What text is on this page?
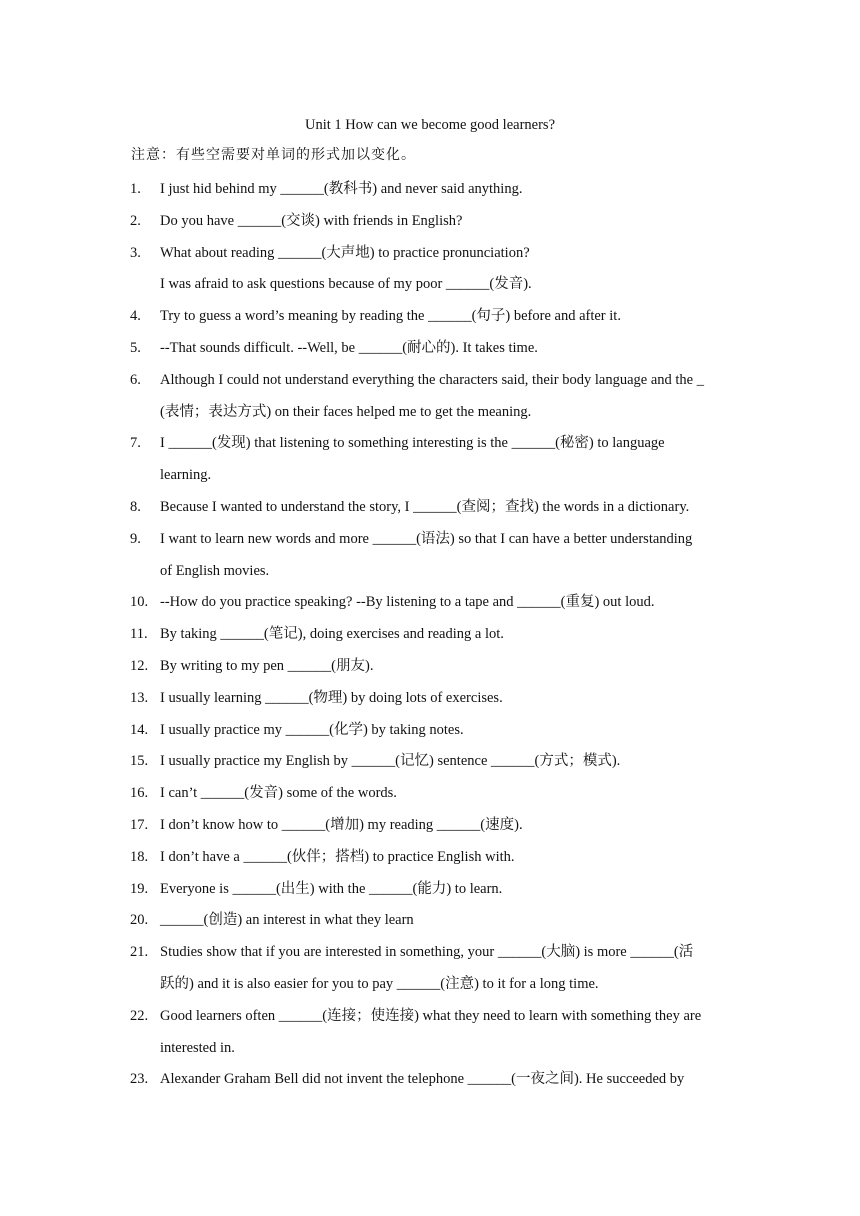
Unit 1 How can we become good learners?
注意：有些空需要对单词的形式加以变化。
1.	I just hid behind my ______(教科书) and never said anything.
2.	Do you have ______(交谈) with friends in English?
3.	What about reading ______(大声地) to practice pronunciation?
I was afraid to ask questions because of my poor ______(发音).
4.	Try to guess a word’s meaning by reading the ______(句子) before and after it.
5.	--That sounds difficult. --Well, be ______(耐心的). It takes time.
6.	Although I could not understand everything the characters said, their body language and the _
(表情；表达方式) on their faces helped me to get the meaning.
7.	I ______(发现) that listening to something interesting is the ______(秘密) to language
learning.
8.	Because I wanted to understand the story, I ______(查阅；查找) the words in a dictionary.
9.	I want to learn new words and more ______(语法) so that I can have a better understanding
of English movies.
10. --How do you practice speaking? --By listening to a tape and ______(重复) out loud.
11. By taking ______(笔记), doing exercises and reading a lot.
12. By writing to my pen ______(朋友).
13. I usually learning ______(物理) by doing lots of exercises.
14. I usually practice my ______(化学) by taking notes.
15. I usually practice my English by ______(记忆) sentence ______(方式；模式).
16. I can’t ______(发音) some of the words.
17. I don’t know how to ______(增加) my reading ______(速度).
18. I don’t have a ______(伙伴；搭档) to practice English with.
19. Everyone is ______(出生) with the ______(能力) to learn.
20. ______(创造) an interest in what they learn
21. Studies show that if you are interested in something, your ______(大脑) is more ______(活
跃的) and it is also easier for you to pay ______(注意) to it for a long time.
22. Good learners often ______(连接；使连接) what they need to learn with something they are
interested in.
23. Alexander Graham Bell did not invent the telephone ______(一夜之间). He succeeded by
